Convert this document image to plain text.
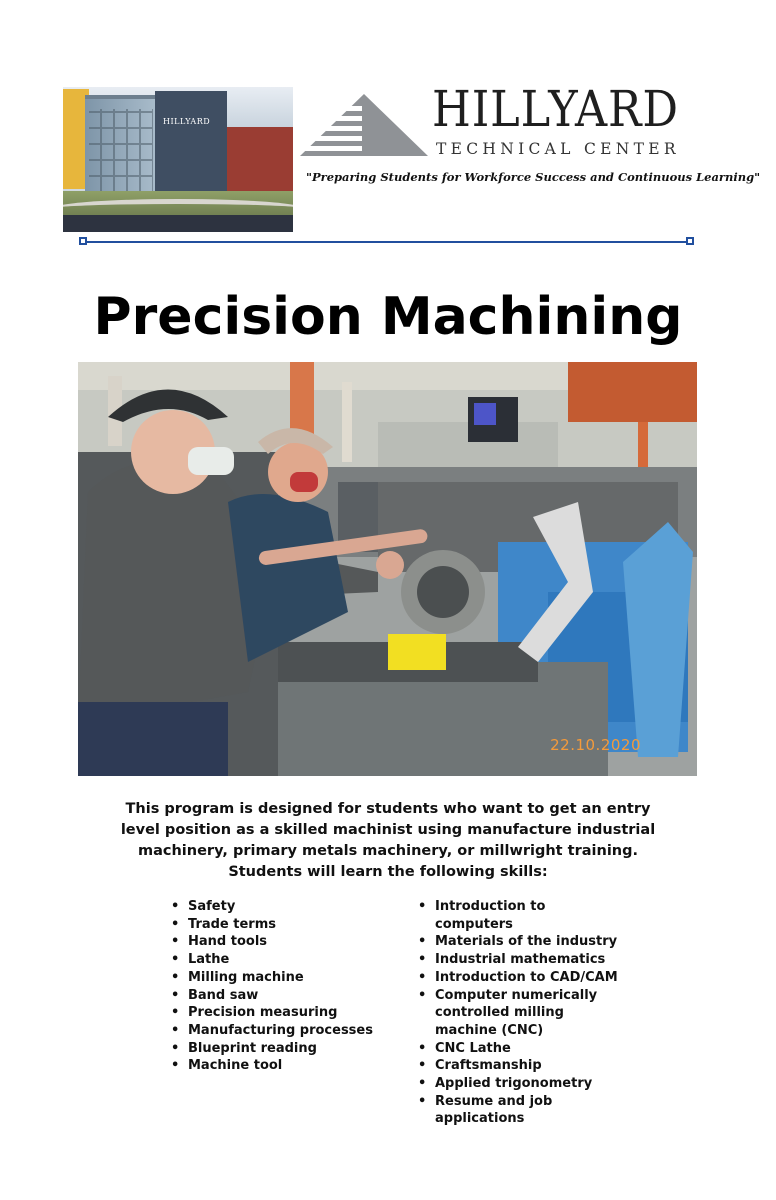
HILLYARD	HILLYARD
TECHNICAL CENTER
"Preparing Students for Workforce Success and Continuous Learning"
Precision Machining
22.10.2020
This program is designed for students who want to get an entry level position as a skilled machinist using manufacture industrial machinery, primary metals machinery, or millwright training. Students will learn the following skills:
• Safety
• Trade terms
• Hand tools
• Lathe
• Milling machine
• Band saw
• Precision measuring
• Manufacturing processes
• Blueprint reading
• Machine tool
• Introduction to computers
• Materials of the industry
• Industrial mathematics
• Introduction to CAD/CAM
• Computer numerically controlled milling machine (CNC)
• CNC Lathe
• Craftsmanship
• Applied trigonometry
• Resume and job applications
